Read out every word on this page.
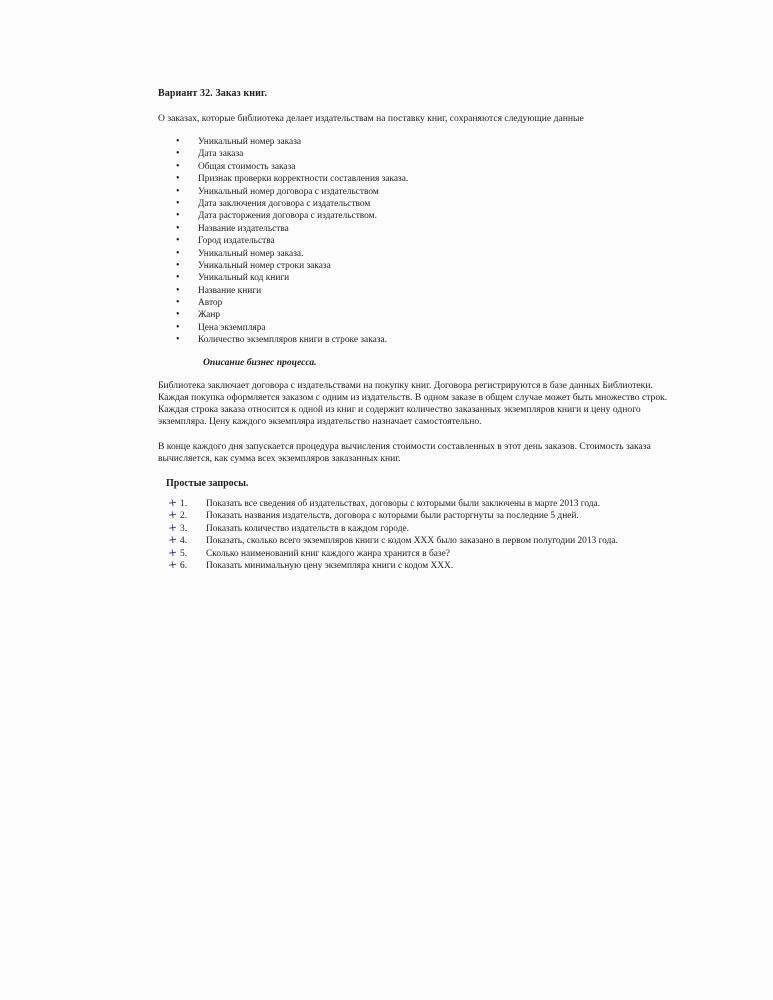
Вариант 32. Заказ книг.
О заказах, которые библиотека делает издательствам на поставку книг, сохраняются следующие данные
• Уникальный номер заказа
• Дата заказа
• Общая стоимость заказа
• Признак проверки корректности составления заказа.
• Уникальный номер договора с издательством
• Дата заключения договора с издательством
• Дата расторжения договора с издательством.
• Название издательства
• Город издательства
• Уникальный номер заказа.
• Уникальный номер строки заказа
• Уникальный код книги
• Название книги
• Автор
• Жанр
• Цена экземпляра
• Количество экземпляров книги в строке заказа.
Описание бизнес процесса.

Библиотека заключает договора с издательствами на покупку книг. Договора регистрируются в базе данных Библиотеки. Каждая покупка оформляется заказом с одним из издательств. В одном заказе в общем случае может быть множество строк. Каждая строка заказа относится к одной из книг и содержит количество заказанных экземпляров книги и цену одного экземпляра. Цену каждого экземпляра издательство назначает самостоятельно.

В конце каждого дня запускается процедура вычисления стоимости составленных в этот день заказов. Стоимость заказа вычисляется, как сумма всех экземпляров заказанных книг.

Простые запросы.
+ 1. Показать все сведения об издательствах, договоры с которыми были заключены в марте 2013 года.
+ 2. Показать названия издательств, договора с которыми были расторгнуты за последние 5 дней.
+ 3. Показать количество издательств в каждом городе.
+ 4. Показать, сколько всего экземпляров книги с кодом XXX было заказано в первом полугодии 2013 года.
+ 5. Сколько наименований книг каждого жанра хранится в базе?
+ 6. Показать минимальную цену экземпляра книги с кодом XXX.
